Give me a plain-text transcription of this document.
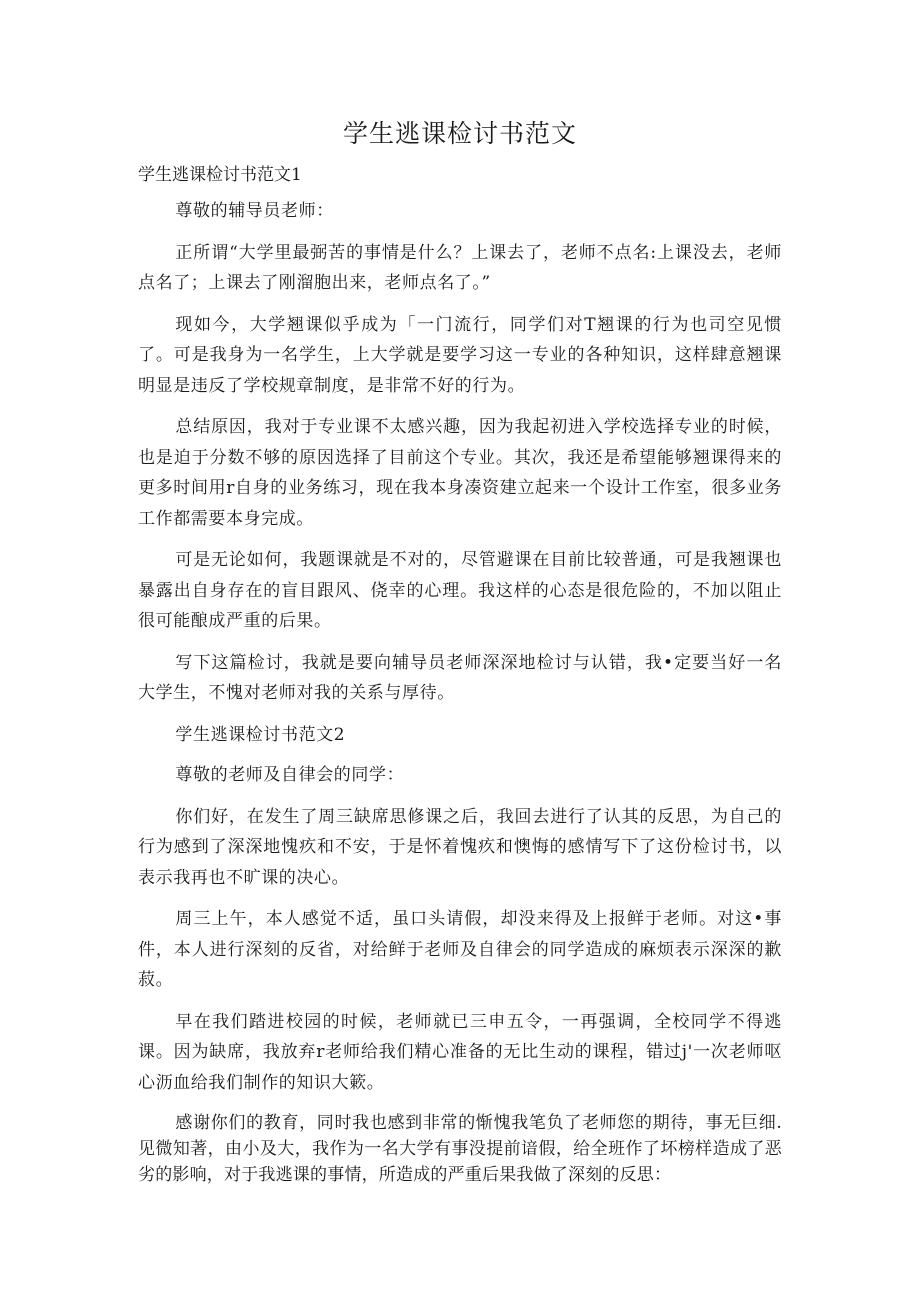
学生逃课检讨书范文

学生逃课检讨书范文1

尊敬的辅导员老师：

正所谓“大学里最弼苦的事情是什么？上课去了，老师不点名:上课没去，老师点名了；上课去了刚溜胞出来，老师点名了。”

现如今，大学翘课似乎成为「一门流行，同学们对T翘课的行为也司空见惯了。可是我身为一名学生，上大学就是要学习这一专业的各种知识，这样肆意翘课明显是违反了学校规章制度，是非常不好的行为。

总结原因，我对于专业课不太感兴趣，因为我起初进入学校选择专业的时候，也是迫于分数不够的原因选择了目前这个专业。其次，我还是希望能够翘课得来的更多时间用r自身的业务练习，现在我本身凑资建立起来一个设计工作室，很多业务工作都需要本身完成。

可是无论如何，我题课就是不对的，尽管避课在目前比较普通，可是我翘课也暴露出自身存在的盲目跟风、侥幸的心理。我这样的心态是很危险的，不加以阻止很可能酿成严重的后果。

写下这篇检讨，我就是要向辅导员老师深深地检讨与认错，我•定要当好一名大学生，不愧对老师对我的关系与厚待。

学生逃课检讨书范文2

尊敬的老师及自律会的同学：

你们好，在发生了周三缺席思修课之后，我回去进行了认其的反思，为自己的行为感到了深深地愧疚和不安，于是怀着愧疚和懊悔的感情写下了这份检讨书，以表示我再也不旷课的决心。

周三上午，本人感觉不适，虽口头请假，却没来得及上报鲜于老师。对这•事件，本人进行深刻的反省，对给鲜于老师及自律会的同学造成的麻烦表示深深的歉菽。

早在我们踏进校园的时候，老师就已三申五令，一再强调，全校同学不得逃课。因为缺席，我放弃r老师给我们精心准备的无比生动的课程，错过j'一次老师呕心沥血给我们制作的知识大簌。

感谢你们的教育，同时我也感到非常的惭愧我笔负了老师您的期待，事无巨细.见微知著，由小及大，我作为一名大学有事没提前谙假，给全班作了坏榜样造成了恶劣的影响，对于我逃课的事情，所造成的严重后果我做了深刻的反思：
